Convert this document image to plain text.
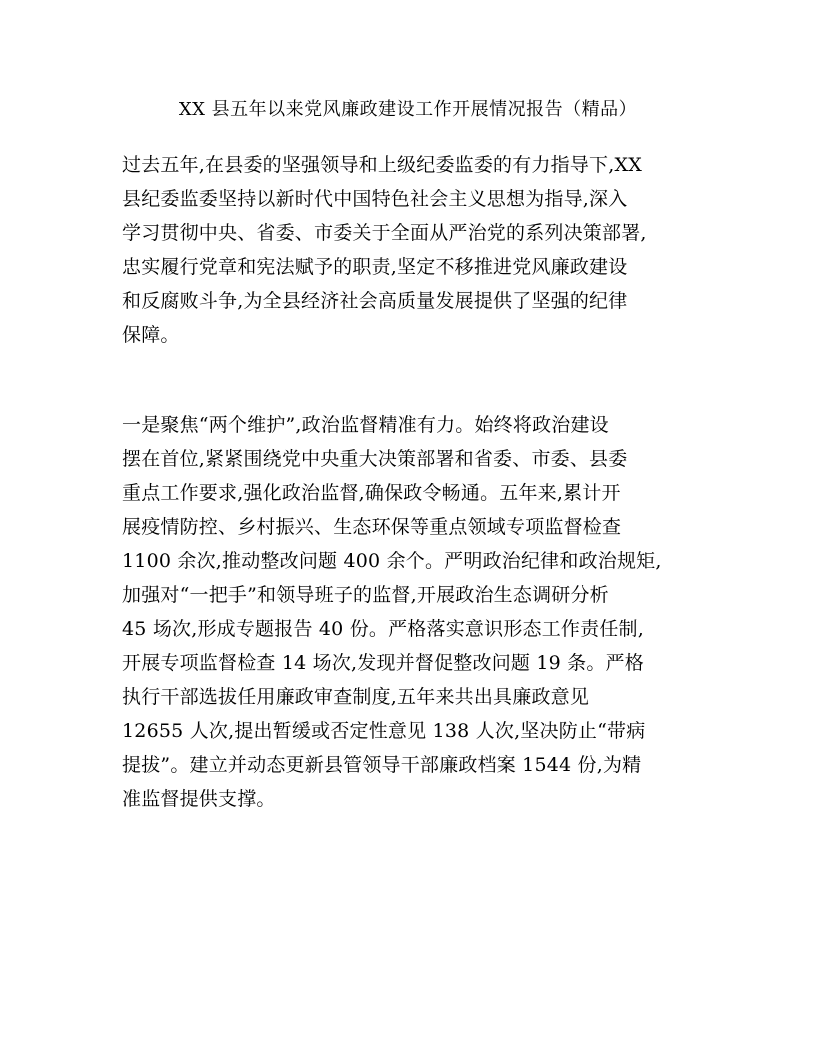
XX 县五年以来党风廉政建设工作开展情况报告（精品）
过去五年,在县委的坚强领导和上级纪委监委的有力指导下,XX
县纪委监委坚持以新时代中国特色社会主义思想为指导,深入
学习贯彻中央、省委、市委关于全面从严治党的系列决策部署,
忠实履行党章和宪法赋予的职责,坚定不移推进党风廉政建设
和反腐败斗争,为全县经济社会高质量发展提供了坚强的纪律
保障。
一是聚焦“两个维护”,政治监督精准有力。始终将政治建设
摆在首位,紧紧围绕党中央重大决策部署和省委、市委、县委
重点工作要求,强化政治监督,确保政令畅通。五年来,累计开
展疫情防控、乡村振兴、生态环保等重点领域专项监督检查
1100 余次,推动整改问题 400 余个。严明政治纪律和政治规矩,
加强对“一把手”和领导班子的监督,开展政治生态调研分析
45 场次,形成专题报告 40 份。严格落实意识形态工作责任制,
开展专项监督检查 14 场次,发现并督促整改问题 19 条。严格
执行干部选拔任用廉政审查制度,五年来共出具廉政意见
12655 人次,提出暂缓或否定性意见 138 人次,坚决防止“带病
提拔”。建立并动态更新县管领导干部廉政档案 1544 份,为精
准监督提供支撑。
